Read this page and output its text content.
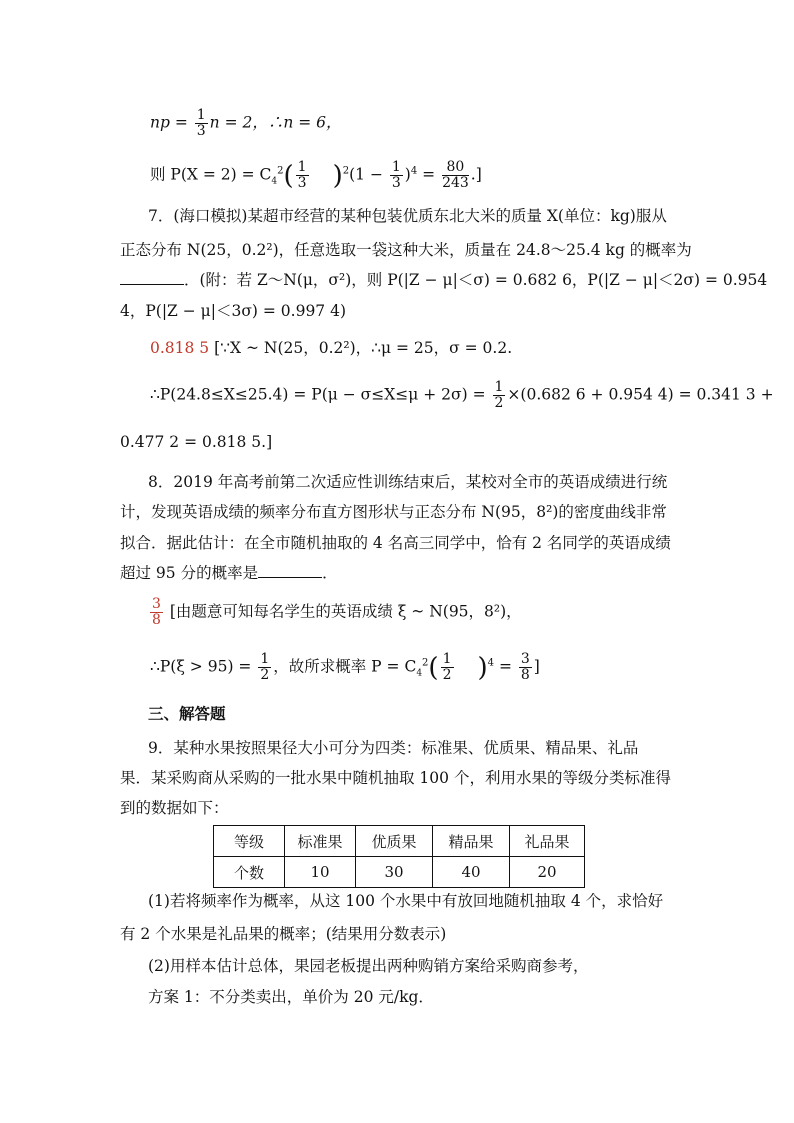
np = $\frac{1}{3}$ n = 2，∴n = 6，
则 $P(X = 2) = C_4^2( \frac{1}{3} )^2(1 - \frac{1}{3} )^4 = \frac{80}{243}$ .]
7．(海口模拟)某超市经营的某种包装优质东北大米的质量 X(单位：kg)服从
正态分布 N(25，0.2²)，任意选取一袋这种大米，质量在 24.8～25.4 kg 的概率为
．(附：若 Z～N(μ，σ²)，则 P(|Z − μ|＜σ) = 0.682 6，P(|Z − μ|＜2σ) = 0.954
4，P(|Z − μ|＜3σ) = 0.997 4)
0.818 5 [∵X ~ N(25，0.2²)，∴μ = 25，σ = 0.2.
∴P(24.8≤X≤25.4) = $P(\mu - \sigma\le X\le\mu + 2\sigma) = \frac{1}{2} \times(0.682$ 6 + 0.954 4) = 0.341 3 +
0.477 2 = 0.818 5.]
8．2019 年高考前第二次适应性训练结束后，某校对全市的英语成绩进行统
计，发现英语成绩的频率分布直方图形状与正态分布 N(95，8²)的密度曲线非常
拟合．据此估计：在全市随机抽取的 4 名高三同学中，恰有 2 名同学的英语成绩
超过 95 分的概率是	．
$\frac{3}{8}$ [由题意可知每名学生的英语成绩 ξ ~ N(95，8²)，
∴P(ξ > $95) = \frac{1}{2}$ ，故所求概率 $P = C_4^2( \frac{1}{2} )^4 = \frac{3}{8}$ ]
三、解答题
9．某种水果按照果径大小可分为四类：标准果、优质果、精品果、礼品
果．某采购商从采购的一批水果中随机抽取 100 个，利用水果的等级分类标准得
到的数据如下：
等级	标准果	优质果	精品果	礼品果
个数	10	30	40	20
(1)若将频率作为概率，从这 100 个水果中有放回地随机抽取 4 个，求恰好
有 2 个水果是礼品果的概率；(结果用分数表示)
(2)用样本估计总体，果园老板提出两种购销方案给采购商参考，
方案 1：不分类卖出，单价为 20 元/kg．
